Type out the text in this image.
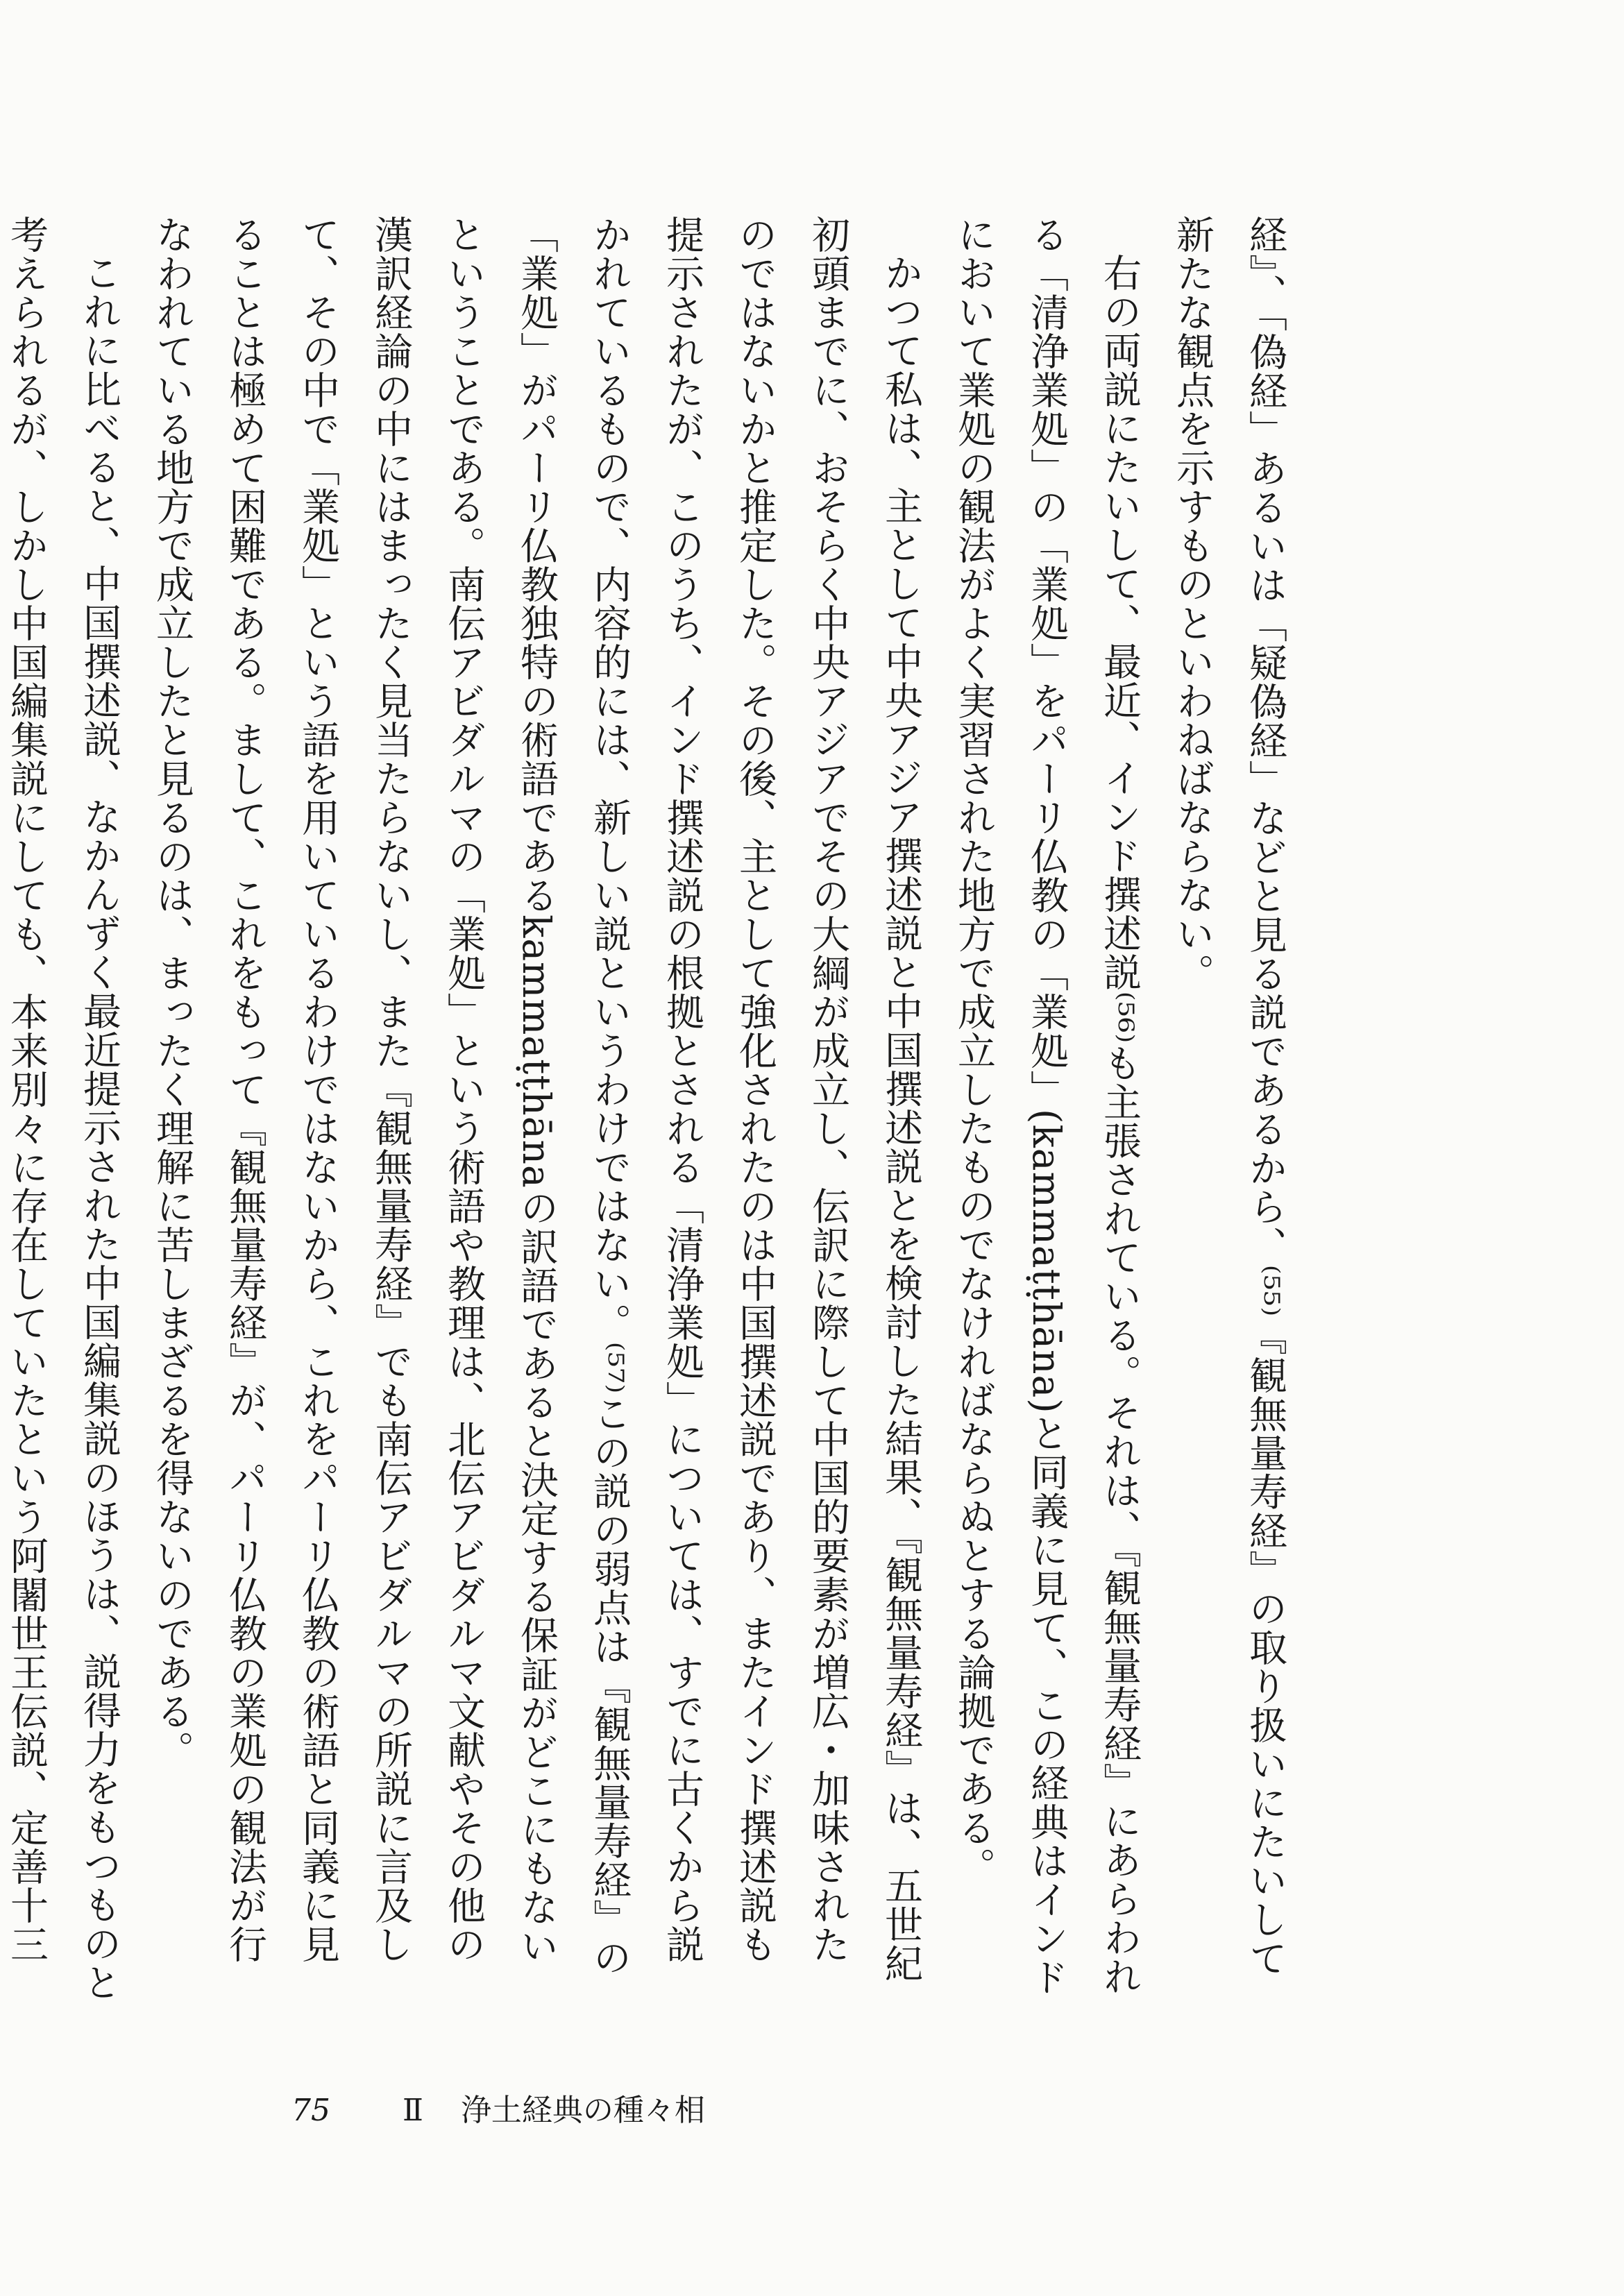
経』、「偽経」あるいは「疑偽経」などと見る説であるから、⁽⁵⁵⁾『観無量寿経』の取り扱いにたいして新たな観点を示すものといわねばならない。

右の両説にたいして、最近、インド撰述説⁽⁵⁶⁾も主張されている。それは、『観無量寿経』にあらわれる「清浄業処」の「業処」をパーリ仏教の「業処」(kammaṭṭhāna)と同義に見て、この経典はインドにおいて業処の観法がよく実習された地方で成立したものでなければならぬとする論拠である。

かつて私は、主として中央アジア撰述説と中国撰述説とを検討した結果、『観無量寿経』は、五世紀初頭までに、おそらく中央アジアでその大綱が成立し、伝訳に際して中国的要素が増広・加味されたのではないかと推定した。その後、主として強化されたのは中国撰述説であり、またインド撰述説も提示されたが、このうち、インド撰述説の根拠とされる「清浄業処」については、すでに古くから説かれているもので、内容的には、新しい説というわけではない。⁽⁵⁷⁾この説の弱点は『観無量寿経』の「業処」がパーリ仏教独特の術語であるkammaṭṭhānaの訳語であると決定する保証がどこにもないということである。南伝アビダルマの「業処」という術語や教理は、北伝アビダルマ文献やその他の漢訳経論の中にはまったく見当たらないし、また『観無量寿経』でも南伝アビダルマの所説に言及して、その中で「業処」という語を用いているわけではないから、これをパーリ仏教の術語と同義に見ることは極めて困難である。まして、これをもって『観無量寿経』が、パーリ仏教の業処の観法が行なわれている地方で成立したと見るのは、まったく理解に苦しまざるを得ないのである。

これに比べると、中国撰述説、なかんずく最近提示された中国編集説のほうは、説得力をもつものと考えられるが、しかし中国編集説にしても、本来別々に存在していたという阿闍世王伝説、定善十三

75 Ⅱ 浄土経典の種々相
